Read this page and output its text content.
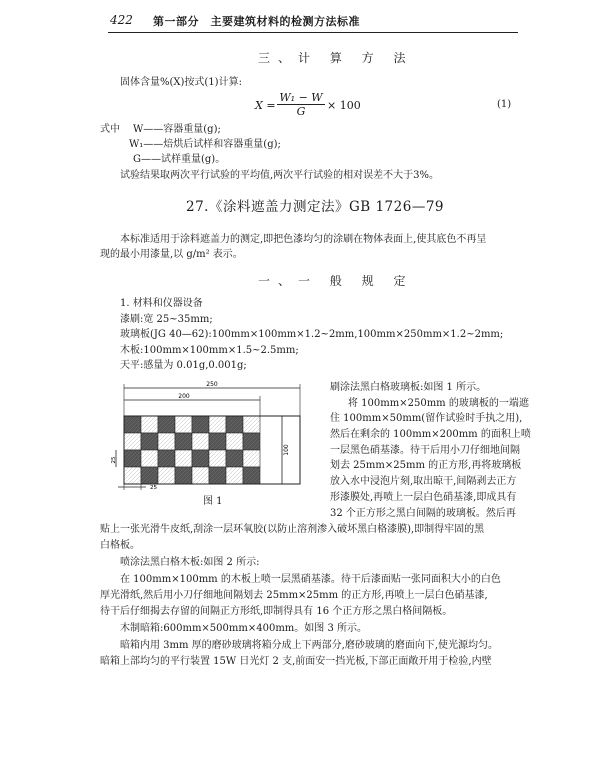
422 第一部分　主要建筑材料的检测方法标准
三、计 算 方 法
固体含量%(X)按式(1)计算:
$X = \frac{\text{W₁ − W}}{G} \times 100$	(1)
式中 W——容器重量(g);
W₁——焙烘后试样和容器重量(g);
G——试样重量(g)。
试验结果取两次平行试验的平均值,两次平行试验的相对误差不大于3%。
27.《涂料遮盖力测定法》GB 1726—79
本标准适用于涂料遮盖力的测定,即把色漆均匀的涂刷在物体表面上,使其底色不再呈
现的最小用漆量,以 g/m² 表示。
一、一 般 规 定
1. 材料和仪器设备
漆刷:宽 25~35mm;
玻璃板(JG 40—62):100mm×100mm×1.2~2mm,100mm×250mm×1.2~2mm;
木板:100mm×100mm×1.5~2.5mm;
天平:感量为 0.01g,0.001g;
250
200
100
25
25
图 1
刷涂法黑白格玻璃板:如图 1 所示。
将 100mm×250mm 的玻璃板的一端遮
住 100mm×50mm(留作试验时手执之用),
然后在剩余的 100mm×200mm 的面积上喷
一层黑色硝基漆。待干后用小刀仔细地间隔
划去 25mm×25mm 的正方形,再将玻璃板
放入水中浸泡片刻,取出晾干,间隔剥去正方
形漆膜处,再喷上一层白色硝基漆,即成具有
32 个正方形之黑白间隔的玻璃板。然后再
贴上一张光滑牛皮纸,刮涂一层环氧胶(以防止溶剂渗入破坏黑白格漆膜),即制得牢固的黑
白格板。
喷涂法黑白格木板:如图 2 所示:
在 100mm×100mm 的木板上喷一层黑硝基漆。待干后漆面贴一张同面积大小的白色
厚光滑纸,然后用小刀仔细地间隔划去 25mm×25mm 的正方形,再喷上一层白色硝基漆,
待干后仔细揭去存留的间隔正方形纸,即制得具有 16 个正方形之黑白格间隔板。
木制暗箱:600mm×500mm×400mm。如图 3 所示。
暗箱内用 3mm 厚的磨砂玻璃将箱分成上下两部分,磨砂玻璃的磨面向下,使光源均匀。
暗箱上部均匀的平行装置 15W 日光灯 2 支,前面安一挡光板,下部正面敞开用于检验,内壁
